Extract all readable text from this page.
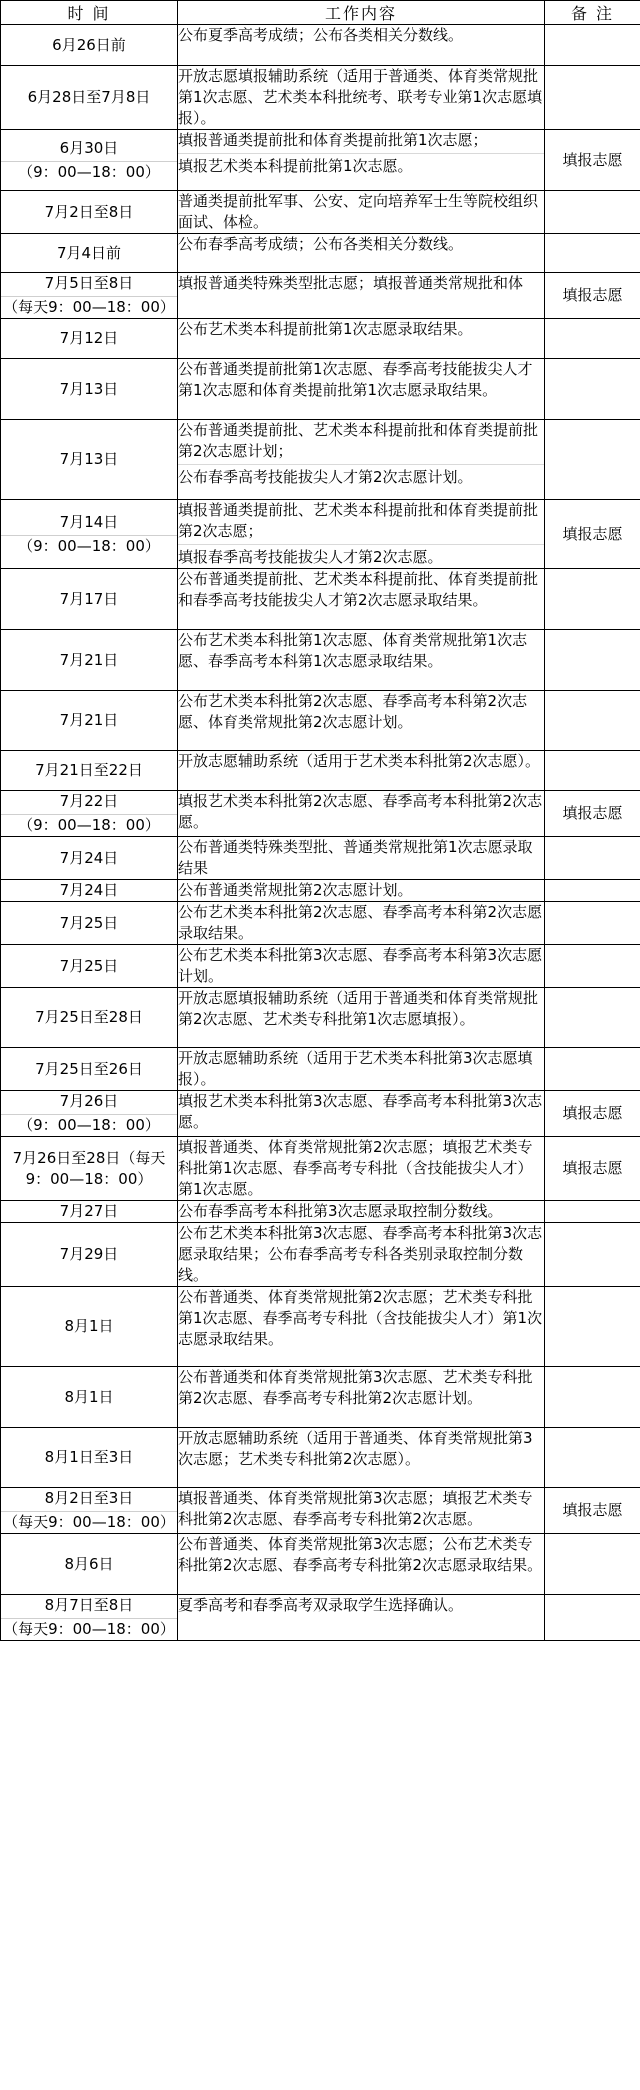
时 间	工作内容	备 注

6月26日前	公布夏季高考成绩；公布各类相关分数线。	

6月28日至7月8日	开放志愿填报辅助系统（适用于普通类、体育类常规批第1次志愿、艺术类本科批统考、联考专业第1次志愿填报）。	

6月30日
（9：00—18：00）	填报普通类提前批和体育类提前批第1次志愿；
填报艺术类本科提前批第1次志愿。	填报志愿

7月2日至8日	普通类提前批军事、公安、定向培养军士生等院校组织面试、体检。	

7月4日前	公布春季高考成绩；公布各类相关分数线。	

7月5日至8日
（每天9：00—18：00）	填报普通类特殊类型批志愿；填报普通类常规批和体	填报志愿

7月12日	公布艺术类本科提前批第1次志愿录取结果。	

7月13日	公布普通类提前批第1次志愿、春季高考技能拔尖人才第1次志愿和体育类提前批第1次志愿录取结果。	

7月13日	公布普通类提前批、艺术类本科提前批和体育类提前批第2次志愿计划；
公布春季高考技能拔尖人才第2次志愿计划。	

7月14日
（9：00—18：00）	填报普通类提前批、艺术类本科提前批和体育类提前批第2次志愿；
填报春季高考技能拔尖人才第2次志愿。	填报志愿

7月17日	公布普通类提前批、艺术类本科提前批、体育类提前批和春季高考技能拔尖人才第2次志愿录取结果。	

7月21日	公布艺术类本科批第1次志愿、体育类常规批第1次志愿、春季高考本科第1次志愿录取结果。	

7月21日	公布艺术类本科批第2次志愿、春季高考本科第2次志愿、体育类常规批第2次志愿计划。	

7月21日至22日	开放志愿辅助系统（适用于艺术类本科批第2次志愿）。	

7月22日
（9：00—18：00）	填报艺术类本科批第2次志愿、春季高考本科批第2次志愿。	填报志愿

7月24日	公布普通类特殊类型批、普通类常规批第1次志愿录取结果	

7月24日	公布普通类常规批第2次志愿计划。	

7月25日	公布艺术类本科批第2次志愿、春季高考本科第2次志愿录取结果。	

7月25日	公布艺术类本科批第3次志愿、春季高考本科第3次志愿计划。	

7月25日至28日	开放志愿填报辅助系统（适用于普通类和体育类常规批第2次志愿、艺术类专科批第1次志愿填报）。	

7月25日至26日	开放志愿辅助系统（适用于艺术类本科批第3次志愿填报）。	

7月26日
（9：00—18：00）	填报艺术类本科批第3次志愿、春季高考本科批第3次志愿。	填报志愿

7月26日至28日（每天9：00—18：00）	填报普通类、体育类常规批第2次志愿；填报艺术类专科批第1次志愿、春季高考专科批（含技能拔尖人才）第1次志愿。	填报志愿

7月27日	公布春季高考本科批第3次志愿录取控制分数线。	

7月29日	公布艺术类本科批第3次志愿、春季高考本科批第3次志愿录取结果；公布春季高考专科各类别录取控制分数线。	

8月1日	公布普通类、体育类常规批第2次志愿；艺术类专科批第1次志愿、春季高考专科批（含技能拔尖人才）第1次志愿录取结果。	

8月1日	公布普通类和体育类常规批第3次志愿、艺术类专科批第2次志愿、春季高考专科批第2次志愿计划。	

8月1日至3日	开放志愿辅助系统（适用于普通类、体育类常规批第3次志愿；艺术类专科批第2次志愿）。	

8月2日至3日
（每天9：00—18：00）	填报普通类、体育类常规批第3次志愿；填报艺术类专科批第2次志愿、春季高考专科批第2次志愿。	填报志愿

8月6日	公布普通类、体育类常规批第3次志愿；公布艺术类专科批第2次志愿、春季高考专科批第2次志愿录取结果。	

8月7日至8日
（每天9：00—18：00）	夏季高考和春季高考双录取学生选择确认。	
